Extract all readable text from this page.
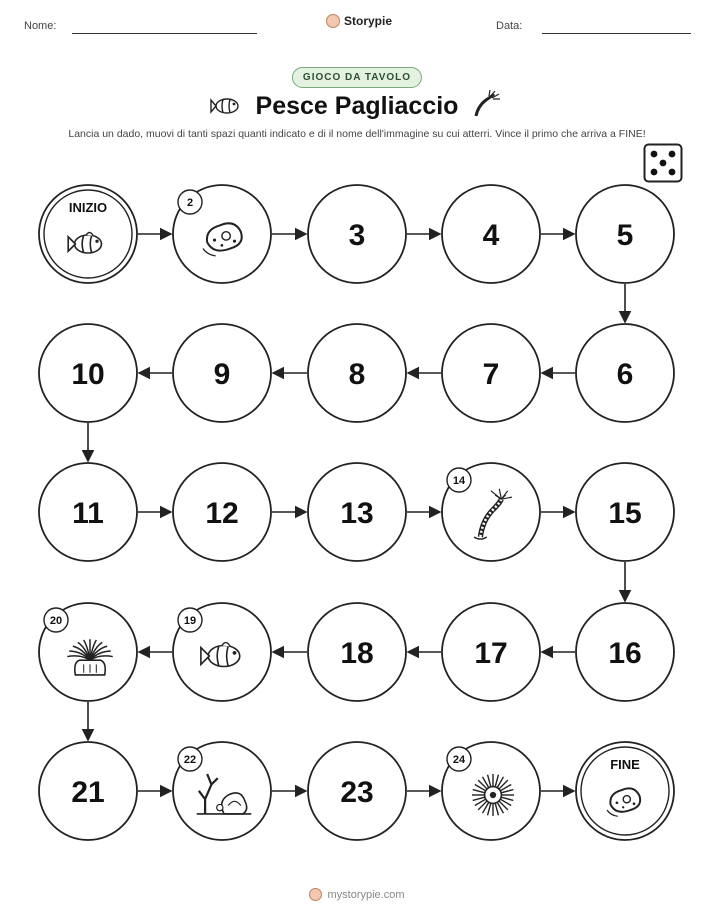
Nome:	Storypie	Data:
GIOCO DA TAVOLO
Pesce Pagliaccio
Lancia un dado, muovi di tanti spazi quanti indicato e di il nome dell'immagine su cui atterri. Vince il primo che arriva a FINE!
INIZIO	2
3	4	5
6
7
8
9
10
11	12	13
14
15
16
17
18
19
20
21
22
23
24	FINE
mystorypie.com
